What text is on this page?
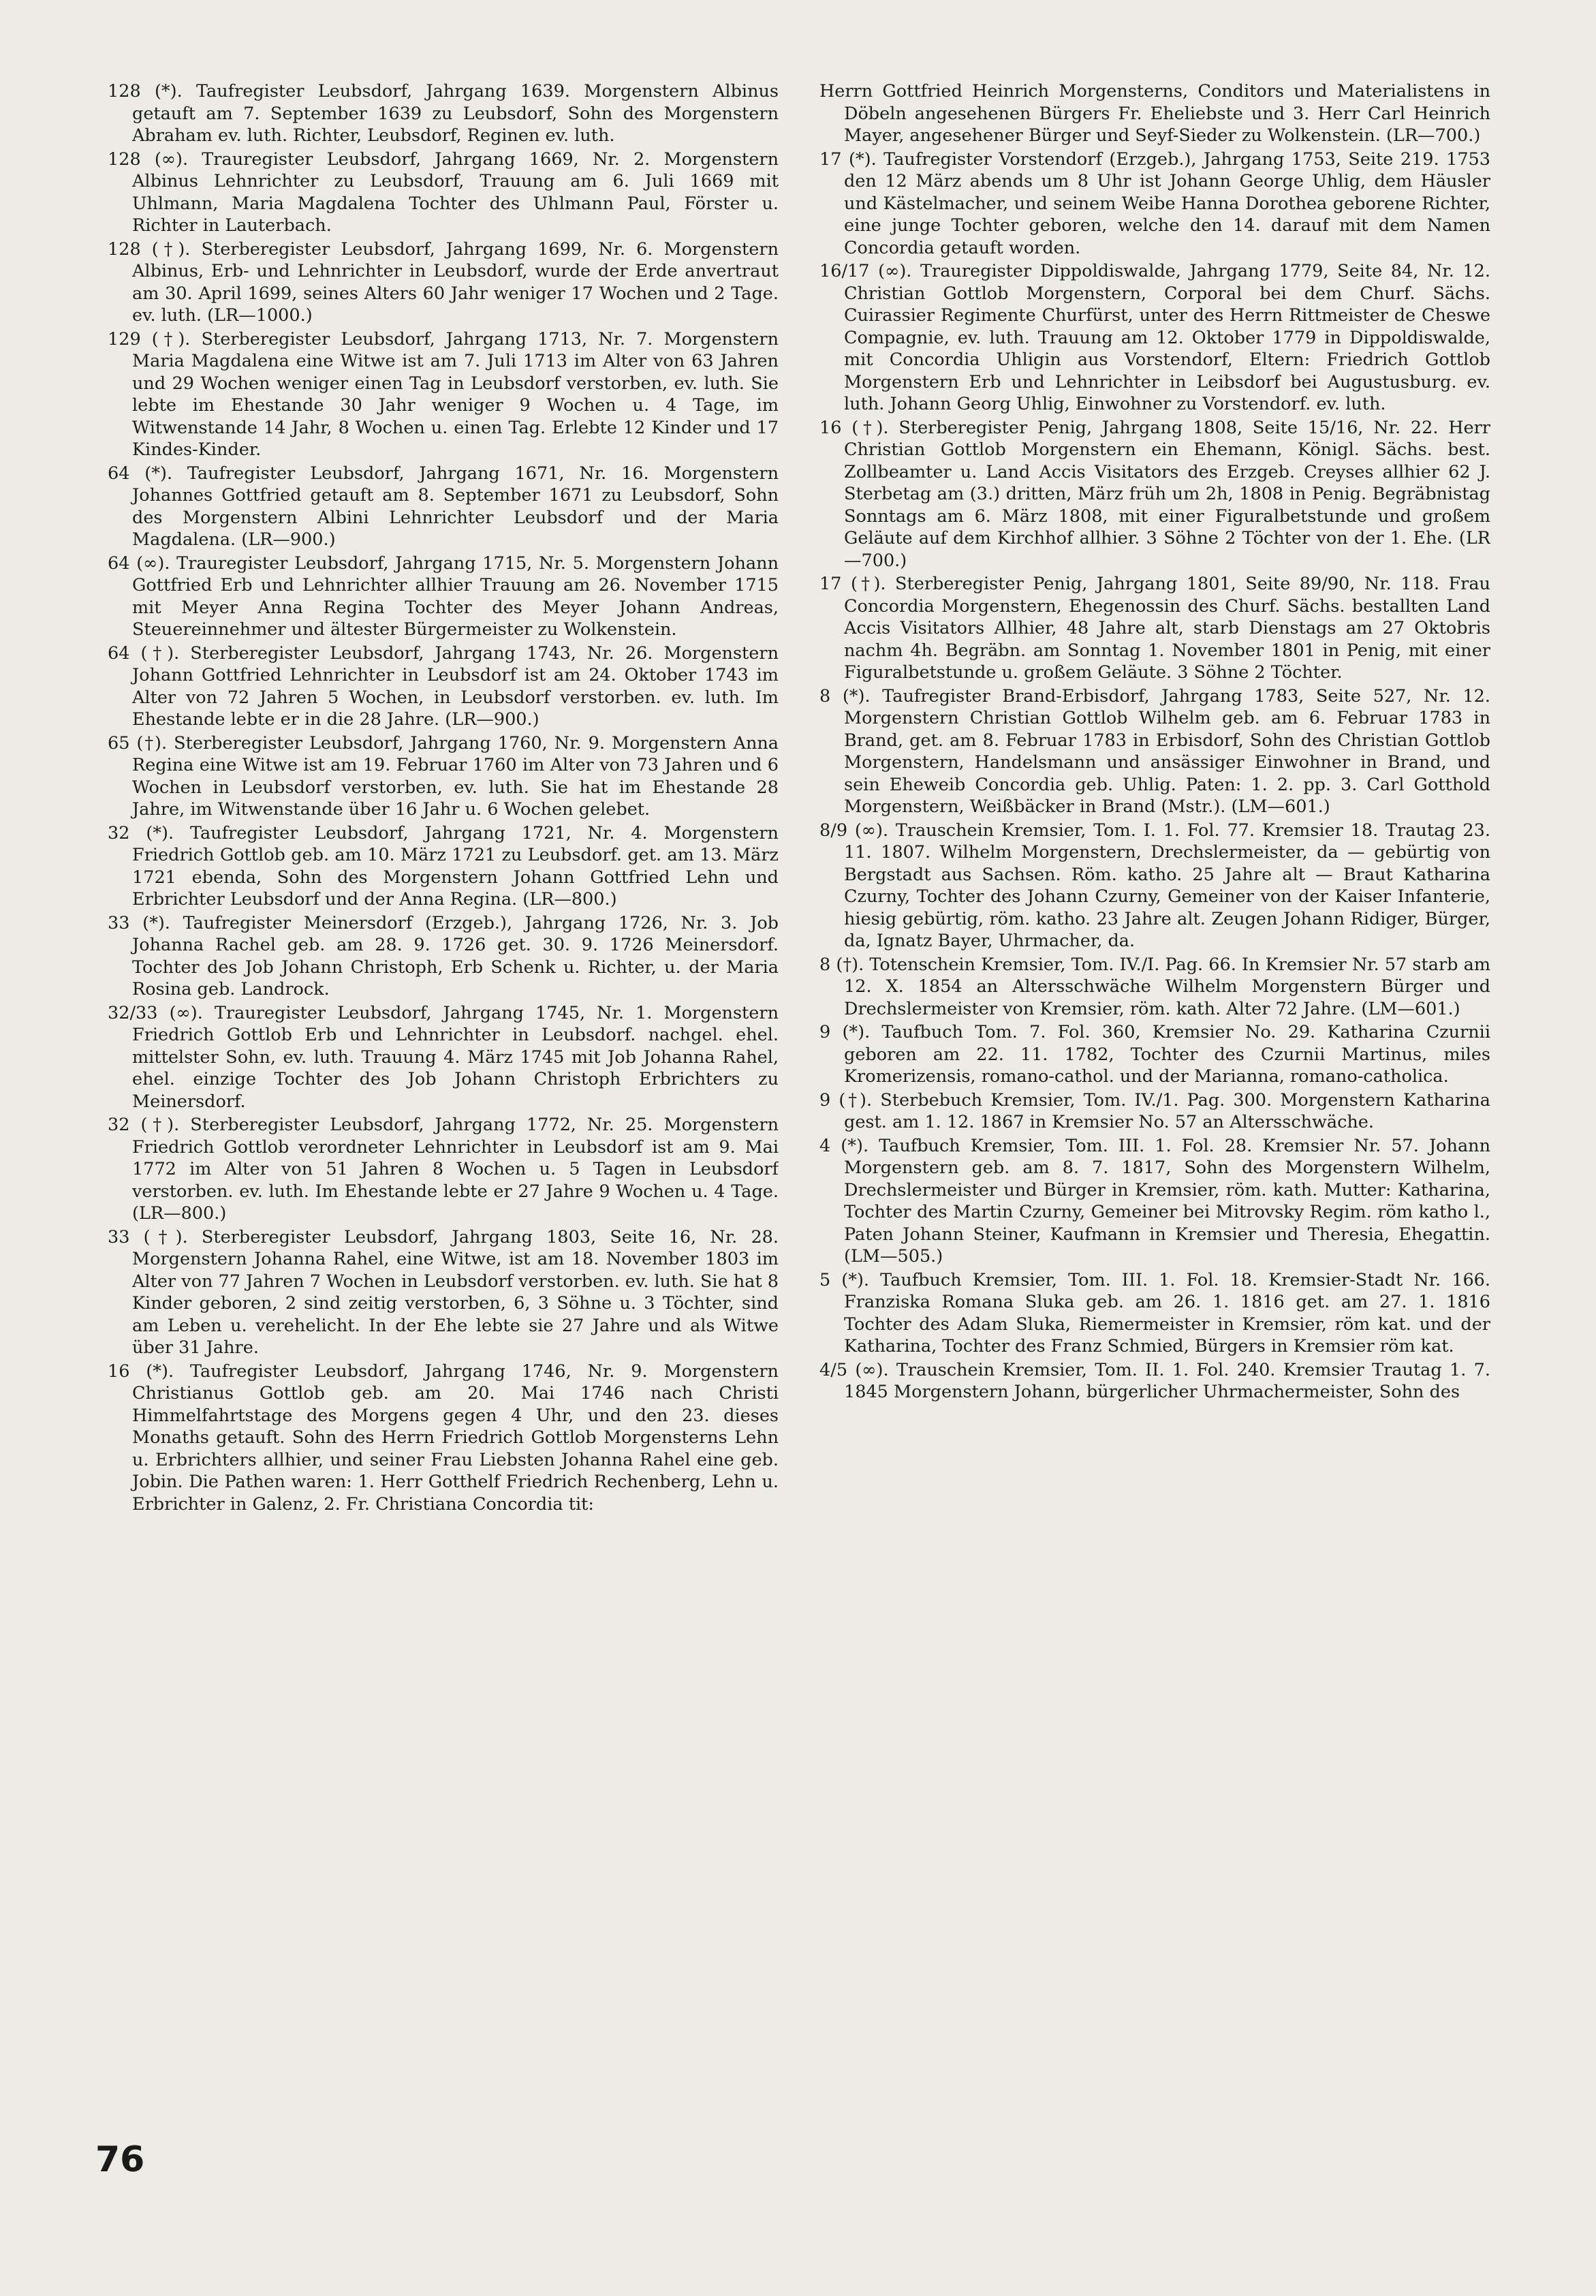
128 (*). Taufregister Leubsdorf, Jahrgang 1639. Morgenstern Albinus getauft am 7. September 1639 zu Leubsdorf, Sohn des Morgenstern Abraham ev. luth. Richter, Leubsdorf, Reginen ev. luth.

128 (∞). Trauregister Leubsdorf, Jahrgang 1669, Nr. 2. Morgenstern Albinus Lehnrichter zu Leubsdorf, Trauung am 6. Juli 1669 mit Uhlmann, Maria Magdalena Tochter des Uhlmann Paul, Förster u. Richter in Lauterbach.

128 (†). Sterberegister Leubsdorf, Jahrgang 1699, Nr. 6. Morgenstern Albinus, Erb- und Lehnrichter in Leubsdorf, wurde der Erde anvertraut am 30. April 1699, seines Alters 60 Jahr weniger 17 Wochen und 2 Tage. ev. luth. (LR—1000.)

129 (†). Sterberegister Leubsdorf, Jahrgang 1713, Nr. 7. Morgenstern Maria Magdalena eine Witwe ist am 7. Juli 1713 im Alter von 63 Jahren und 29 Wochen weniger einen Tag in Leubsdorf verstorben, ev. luth. Sie lebte im Ehestande 30 Jahr weniger 9 Wochen u. 4 Tage, im Witwenstande 14 Jahr, 8 Wochen u. einen Tag. Erlebte 12 Kinder und 17 Kindes-Kinder.

64 (*). Taufregister Leubsdorf, Jahrgang 1671, Nr. 16. Morgenstern Johannes Gottfried getauft am 8. September 1671 zu Leubsdorf, Sohn des Morgenstern Albini Lehnrichter Leubsdorf und der Maria Magdalena. (LR—900.)

64 (∞). Trauregister Leubsdorf, Jahrgang 1715, Nr. 5. Morgenstern Johann Gottfried Erb und Lehnrichter allhier Trauung am 26. November 1715 mit Meyer Anna Regina Tochter des Meyer Johann Andreas, Steuereinnehmer und ältester Bürgermeister zu Wolkenstein.

64 (†). Sterberegister Leubsdorf, Jahrgang 1743, Nr. 26. Morgenstern Johann Gottfried Lehnrichter in Leubsdorf ist am 24. Oktober 1743 im Alter von 72 Jahren 5 Wochen, in Leubsdorf verstorben. ev. luth. Im Ehestande lebte er in die 28 Jahre. (LR—900.)

65 (†). Sterberegister Leubsdorf, Jahrgang 1760, Nr. 9. Morgenstern Anna Regina eine Witwe ist am 19. Februar 1760 im Alter von 73 Jahren und 6 Wochen in Leubsdorf verstorben, ev. luth. Sie hat im Ehestande 28 Jahre, im Witwenstande über 16 Jahr u. 6 Wochen gelebet.

32 (*). Taufregister Leubsdorf, Jahrgang 1721, Nr. 4. Morgenstern Friedrich Gottlob geb. am 10. März 1721 zu Leubsdorf. get. am 13. März 1721 ebenda, Sohn des Morgenstern Johann Gottfried Lehn und Erbrichter Leubsdorf und der Anna Regina. (LR—800.)

33 (*). Taufregister Meinersdorf (Erzgeb.), Jahrgang 1726, Nr. 3. Job Johanna Rachel geb. am 28. 9. 1726 get. 30. 9. 1726 Meinersdorf. Tochter des Job Johann Christoph, Erb Schenk u. Richter, u. der Maria Rosina geb. Landrock.

32/33 (∞). Trauregister Leubsdorf, Jahrgang 1745, Nr. 1. Morgenstern Friedrich Gottlob Erb und Lehnrichter in Leubsdorf. nachgel. ehel. mittelster Sohn, ev. luth. Trauung 4. März 1745 mit Job Johanna Rahel, ehel. einzige Tochter des Job Johann Christoph Erbrichters zu Meinersdorf.

32 (†). Sterberegister Leubsdorf, Jahrgang 1772, Nr. 25. Morgenstern Friedrich Gottlob verordneter Lehnrichter in Leubsdorf ist am 9. Mai 1772 im Alter von 51 Jahren 8 Wochen u. 5 Tagen in Leubsdorf verstorben. ev. luth. Im Ehestande lebte er 27 Jahre 9 Wochen u. 4 Tage. (LR—800.)

33 (†). Sterberegister Leubsdorf, Jahrgang 1803, Seite 16, Nr. 28. Morgenstern Johanna Rahel, eine Witwe, ist am 18. November 1803 im Alter von 77 Jahren 7 Wochen in Leubsdorf verstorben. ev. luth. Sie hat 8 Kinder geboren, 2 sind zeitig verstorben, 6, 3 Söhne u. 3 Töchter, sind am Leben u. verehelicht. In der Ehe lebte sie 27 Jahre und als Witwe über 31 Jahre.

16 (*). Taufregister Leubsdorf, Jahrgang 1746, Nr. 9. Morgenstern Christianus Gottlob geb. am 20. Mai 1746 nach Christi Himmelfahrtstage des Morgens gegen 4 Uhr, und den 23. dieses Monaths getauft. Sohn des Herrn Friedrich Gottlob Morgensterns Lehn u. Erbrichters allhier, und seiner Frau Liebsten Johanna Rahel eine geb. Jobin. Die Pathen waren: 1. Herr Gotthelf Friedrich Rechenberg, Lehn u. Erbrichter in Galenz, 2. Fr. Christiana Concordia tit:

Herrn Gottfried Heinrich Morgensterns, Conditors und Materialistens in Döbeln angesehenen Bürgers Fr. Eheliebste und 3. Herr Carl Heinrich Mayer, angesehener Bürger und Seyf-Sieder zu Wolkenstein. (LR—700.)

17 (*). Taufregister Vorstendorf (Erzgeb.), Jahrgang 1753, Seite 219. 1753 den 12 März abends um 8 Uhr ist Johann George Uhlig, dem Häusler und Kästelmacher, und seinem Weibe Hanna Dorothea geborene Richter, eine junge Tochter geboren, welche den 14. darauf mit dem Namen Concordia getauft worden.

16/17 (∞). Trauregister Dippoldiswalde, Jahrgang 1779, Seite 84, Nr. 12. Christian Gottlob Morgenstern, Corporal bei dem Churf. Sächs. Cuirassier Regimente Churfürst, unter des Herrn Rittmeister de Cheswe Compagnie, ev. luth. Trauung am 12. Oktober 1779 in Dippoldiswalde, mit Concordia Uhligin aus Vorstendorf, Eltern: Friedrich Gottlob Morgenstern Erb und Lehnrichter in Leibsdorf bei Augustusburg. ev. luth. Johann Georg Uhlig, Einwohner zu Vorstendorf. ev. luth.

16 (†). Sterberegister Penig, Jahrgang 1808, Seite 15/16, Nr. 22. Herr Christian Gottlob Morgenstern ein Ehemann, Königl. Sächs. best. Zollbeamter u. Land Accis Visitators des Erzgeb. Creyses allhier 62 J. Sterbetag am (3.) dritten, März früh um 2h, 1808 in Penig. Begräbnistag Sonntags am 6. März 1808, mit einer Figuralbetstunde und großem Geläute auf dem Kirchhof allhier. 3 Söhne 2 Töchter von der 1. Ehe. (LR—700.)

17 (†). Sterberegister Penig, Jahrgang 1801, Seite 89/90, Nr. 118. Frau Concordia Morgenstern, Ehegenossin des Churf. Sächs. bestallten Land Accis Visitators Allhier, 48 Jahre alt, starb Dienstags am 27 Oktobris nachm 4h. Begräbn. am Sonntag 1. November 1801 in Penig, mit einer Figuralbetstunde u. großem Geläute. 3 Söhne 2 Töchter.

8 (*). Taufregister Brand-Erbisdorf, Jahrgang 1783, Seite 527, Nr. 12. Morgenstern Christian Gottlob Wilhelm geb. am 6. Februar 1783 in Brand, get. am 8. Februar 1783 in Erbisdorf, Sohn des Christian Gottlob Morgenstern, Handelsmann und ansässiger Einwohner in Brand, und sein Eheweib Concordia geb. Uhlig. Paten: 1. 2. pp. 3. Carl Gotthold Morgenstern, Weißbäcker in Brand (Mstr.). (LM—601.)

8/9 (∞). Trauschein Kremsier, Tom. I. 1. Fol. 77. Kremsier 18. Trautag 23. 11. 1807. Wilhelm Morgenstern, Drechslermeister, da — gebürtig von Bergstadt aus Sachsen. Röm. katho. 25 Jahre alt — Braut Katharina Czurny, Tochter des Johann Czurny, Gemeiner von der Kaiser Infanterie, hiesig gebürtig, röm. katho. 23 Jahre alt. Zeugen Johann Ridiger, Bürger, da, Ignatz Bayer, Uhrmacher, da.

8 (†). Totenschein Kremsier, Tom. IV./I. Pag. 66. In Kremsier Nr. 57 starb am 12. X. 1854 an Altersschwäche Wilhelm Morgenstern Bürger und Drechslermeister von Kremsier, röm. kath. Alter 72 Jahre. (LM—601.)

9 (*). Taufbuch Tom. 7. Fol. 360, Kremsier No. 29. Katharina Czurnii geboren am 22. 11. 1782, Tochter des Czurnii Martinus, miles Kromerizensis, romano-cathol. und der Marianna, romano-catholica.

9 (†). Sterbebuch Kremsier, Tom. IV./1. Pag. 300. Morgenstern Katharina gest. am 1. 12. 1867 in Kremsier No. 57 an Altersschwäche.

4 (*). Taufbuch Kremsier, Tom. III. 1. Fol. 28. Kremsier Nr. 57. Johann Morgenstern geb. am 8. 7. 1817, Sohn des Morgenstern Wilhelm, Drechslermeister und Bürger in Kremsier, röm. kath. Mutter: Katharina, Tochter des Martin Czurny, Gemeiner bei Mitrovsky Regim. röm katho l., Paten Johann Steiner, Kaufmann in Kremsier und Theresia, Ehegattin. (LM—505.)

5 (*). Taufbuch Kremsier, Tom. III. 1. Fol. 18. Kremsier-Stadt Nr. 166. Franziska Romana Sluka geb. am 26. 1. 1816 get. am 27. 1. 1816 Tochter des Adam Sluka, Riemermeister in Kremsier, röm kat. und der Katharina, Tochter des Franz Schmied, Bürgers in Kremsier röm kat.

4/5 (∞). Trauschein Kremsier, Tom. II. 1. Fol. 240. Kremsier Trautag 1. 7. 1845 Morgenstern Johann, bürgerlicher Uhrmachermeister, Sohn des

76
